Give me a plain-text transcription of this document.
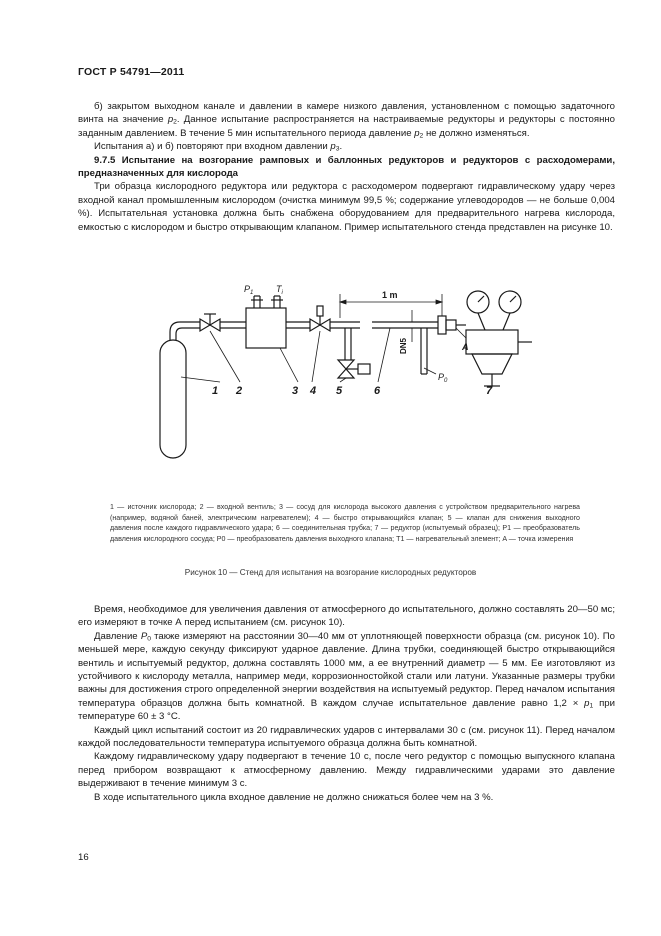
ГОСТ Р 54791—2011

б) закрытом выходном канале и давлении в камере низкого давления, установленном с помощью задаточного винта на значение $p_2$. Данное испытание распространяется на настраиваемые редукторы и редукторы с постоянно заданным давлением. В течение 5 мин испытательного периода давление $p_2$ не должно изменяться.

Испытания а) и б) повторяют при входном давлении $p_3$.

9.7.5 Испытание на возгорание рамповых и баллонных редукторов и редукторов с расходомерами, предназначенных для кислорода

Три образца кислородного редуктора или редуктора с расходомером подвергают гидравлическому удару через входной канал промышленным кислородом (очистка минимум 99,5 %; содержание углеводородов — не больше 0,004 %). Испытательная установка должна быть снабжена оборудованием для предварительного нагрева кислорода, емкостью с кислородом и быстро открывающим клапаном. Пример испытательного стенда представлен на рисунке 10.

$P_1$	$T_i$	1 m
DN5	A
$P_0$
1 2	3 4 5	6	7

1 — источник кислорода; 2 — входной вентиль; 3 — сосуд для кислорода высокого давления с устройством предварительного нагрева (например, водяной баней, электрическим нагревателем); 4 — быстро открывающийся клапан; 5 — клапан для снижения выходного давления после каждого гидравлического удара; 6 — соединительная трубка; 7 — редуктор (испытуемый образец); P1 — преобразователь давления кислородного сосуда; P0 — преобразователь давления выходного клапана; T1 — нагревательный элемент; A — точка измерения

Рисунок 10 — Стенд для испытания на возгорание кислородных редукторов

Время, необходимое для увеличения давления от атмосферного до испытательного, должно составлять 20—50 мс; его измеряют в точке А перед испытанием (см. рисунок 10).

Давление $P_0$ также измеряют на расстоянии 30—40 мм от уплотняющей поверхности образца (см. рисунок 10). По меньшей мере, каждую секунду фиксируют ударное давление. Длина трубки, соединяющей быстро открывающийся вентиль и испытуемый редуктор, должна составлять 1000 мм, а ее внутренний диаметр — 5 мм. Ее изготовляют из устойчивого к кислороду металла, например меди, коррозионностойкой стали или латуни. Указанные размеры трубки важны для достижения строго определенной энергии воздействия на испытуемый редуктор. Перед началом испытания температура образцов должна быть комнатной. В каждом случае испытательное давление равно $1,2 \times p_1$ при температуре 60 ± 3 °С.

Каждый цикл испытаний состоит из 20 гидравлических ударов с интервалами 30 с (см. рисунок 11). Перед началом каждой последовательности температура испытуемого образца должна быть комнатной.

Каждому гидравлическому удару подвергают в течение 10 с, после чего редуктор с помощью выпускного клапана перед прибором возвращают к атмосферному давлению. Между гидравлическими ударами это давление выдерживают в течение минимум 3 с.

В ходе испытательного цикла входное давление не должно снижаться более чем на 3 %.

16
